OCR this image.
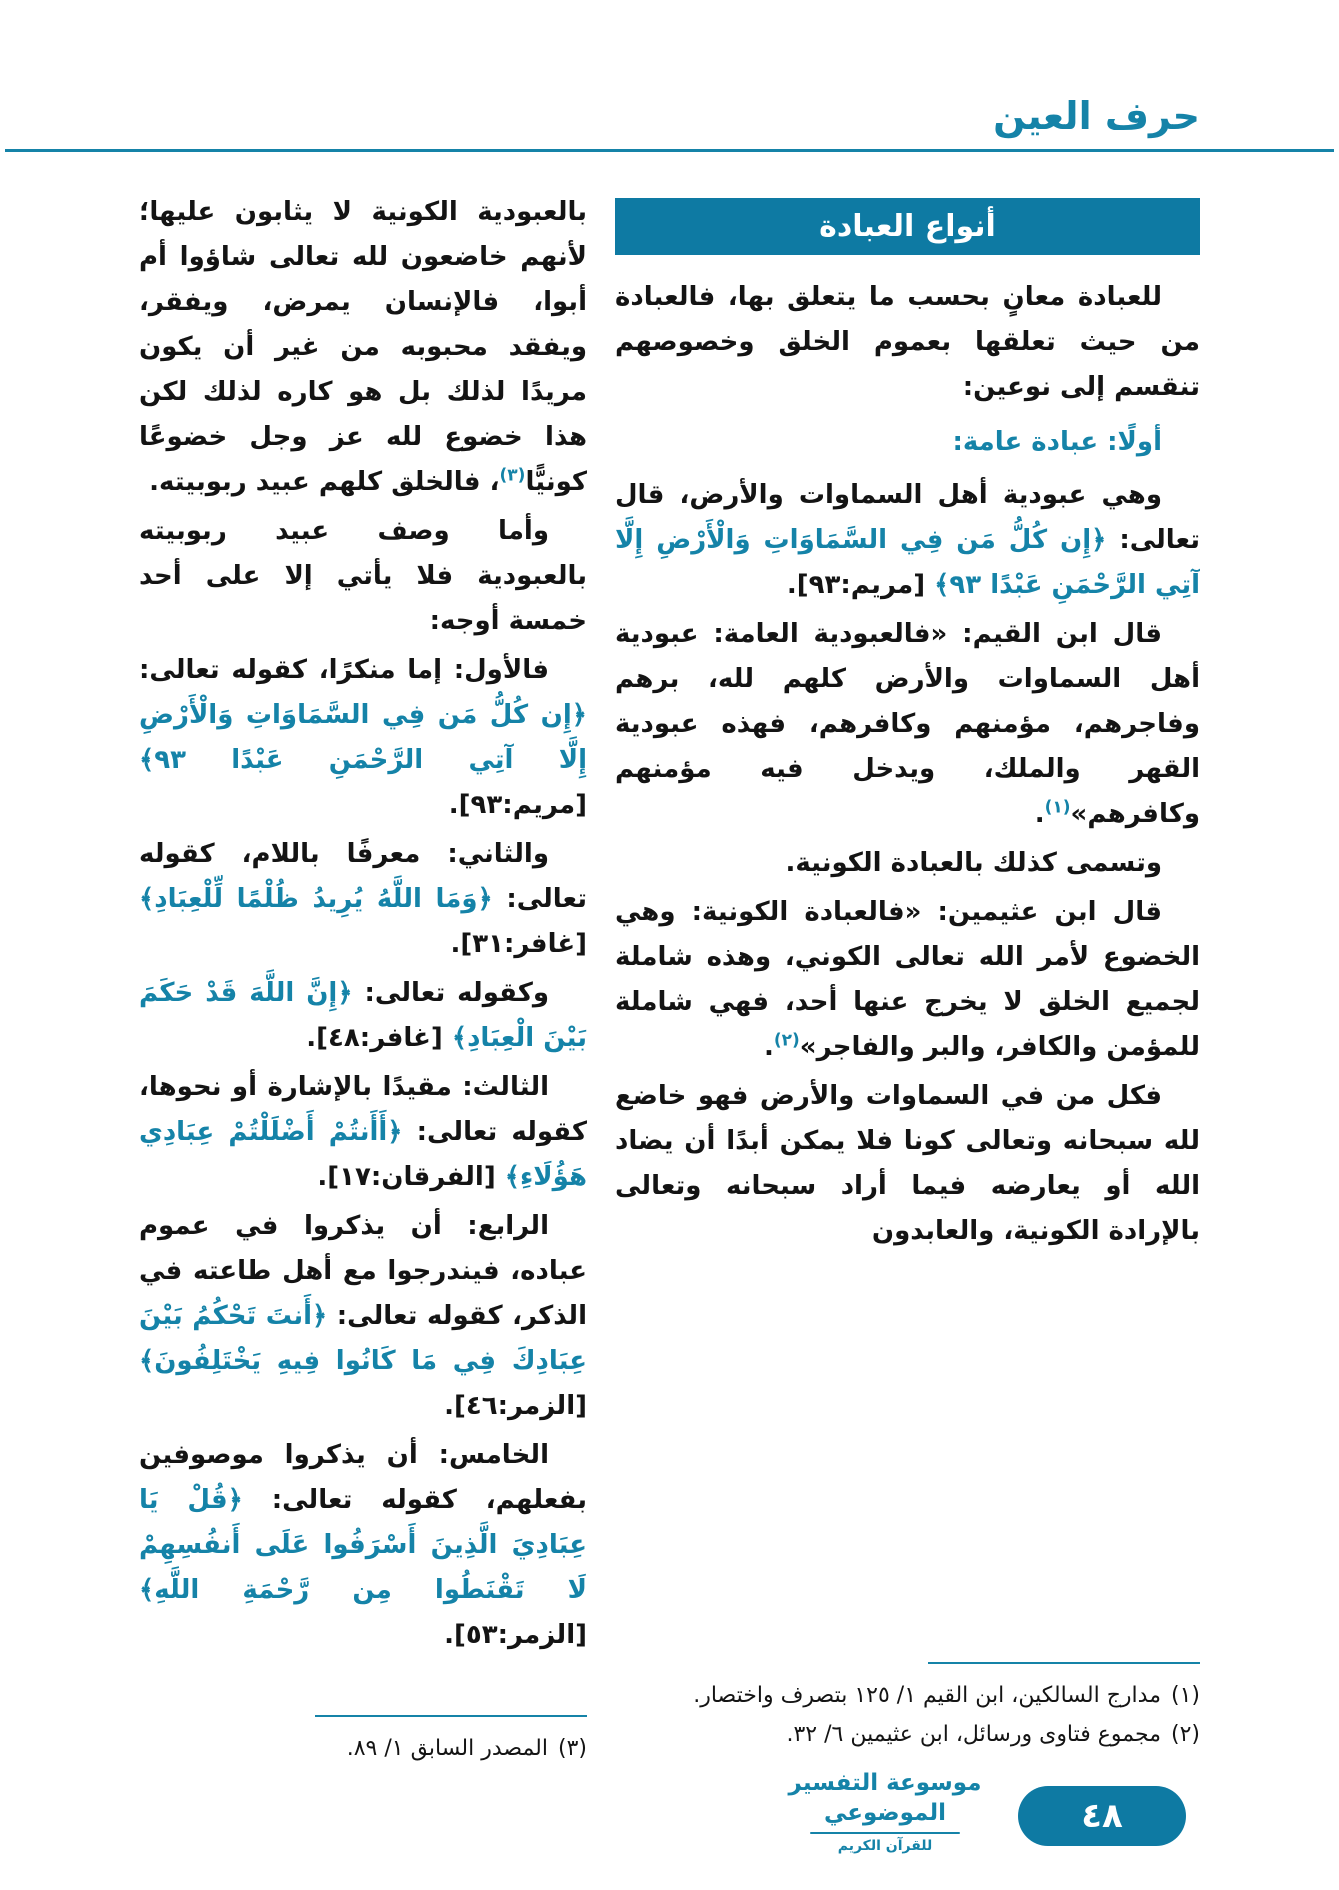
حرف العين
أنواع العبادة

للعبادة معانٍ بحسب ما يتعلق بها، فالعبادة من حيث تعلقها بعموم الخلق وخصوصهم تنقسم إلى نوعين:

أولًا: عبادة عامة:

وهي عبودية أهل السماوات والأرض، قال تعالى: ﴿إِن كُلُّ مَن فِي السَّمَاوَاتِ وَالْأَرْضِ إِلَّا آتِي الرَّحْمَنِ عَبْدًا ٩٣﴾ [مريم:٩٣].

قال ابن القيم: «فالعبودية العامة: عبودية أهل السماوات والأرض كلهم لله، برهم وفاجرهم، مؤمنهم وكافرهم، فهذه عبودية القهر والملك، ويدخل فيه مؤمنهم وكافرهم»$^{(١)}$.

وتسمى كذلك بالعبادة الكونية.

قال ابن عثيمين: «فالعبادة الكونية: وهي الخضوع لأمر الله تعالى الكوني، وهذه شاملة لجميع الخلق لا يخرج عنها أحد، فهي شاملة للمؤمن والكافر، والبر والفاجر»$^{(٢)}$.

فكل من في السماوات والأرض فهو خاضع لله سبحانه وتعالى كونا فلا يمكن أبدًا أن يضاد الله أو يعارضه فيما أراد سبحانه وتعالى بالإرادة الكونية، والعابدون

(١)
مدارج السالكين، ابن القيم ١/ ١٢٥ بتصرف واختصار.
(٢)
مجموع فتاوى ورسائل، ابن عثيمين ٦/ ٣٢.

بالعبودية الكونية لا يثابون عليها؛ لأنهم خاضعون لله تعالى شاؤوا أم أبوا، فالإنسان يمرض، ويفقر، ويفقد محبوبه من غير أن يكون مريدًا لذلك بل هو كاره لذلك لكن هذا خضوع لله عز وجل خضوعًا كونيًّا$^{(٣)}$، فالخلق كلهم عبيد ربوبيته.

وأما وصف عبيد ربوبيته بالعبودية فلا يأتي إلا على أحد خمسة أوجه:

فالأول: إما منكرًا، كقوله تعالى: ﴿إِن كُلُّ مَن فِي السَّمَاوَاتِ وَالْأَرْضِ إِلَّا آتِي الرَّحْمَنِ عَبْدًا ٩٣﴾ [مريم:٩٣].

والثاني: معرفًا باللام، كقوله تعالى: ﴿وَمَا اللَّهُ يُرِيدُ ظُلْمًا لِّلْعِبَادِ﴾ [غافر:٣١].

وكقوله تعالى: ﴿إِنَّ اللَّهَ قَدْ حَكَمَ بَيْنَ الْعِبَادِ﴾ [غافر:٤٨].

الثالث: مقيدًا بالإشارة أو نحوها، كقوله تعالى: ﴿أَأَنتُمْ أَضْلَلْتُمْ عِبَادِي هَؤُلَاءِ﴾ [الفرقان:١٧].

الرابع: أن يذكروا في عموم عباده، فيندرجوا مع أهل طاعته في الذكر، كقوله تعالى: ﴿أَنتَ تَحْكُمُ بَيْنَ عِبَادِكَ فِي مَا كَانُوا فِيهِ يَخْتَلِفُونَ﴾ [الزمر:٤٦].

الخامس: أن يذكروا موصوفين بفعلهم، كقوله تعالى: ﴿قُلْ يَا عِبَادِيَ الَّذِينَ أَسْرَفُوا عَلَى أَنفُسِهِمْ لَا تَقْنَطُوا مِن رَّحْمَةِ اللَّهِ﴾ [الزمر:٥٣].

(٣)
المصدر السابق ١/ ٨٩.
موسوعة التفسير الموضوعي
للقرآن الكريم
٤٨
